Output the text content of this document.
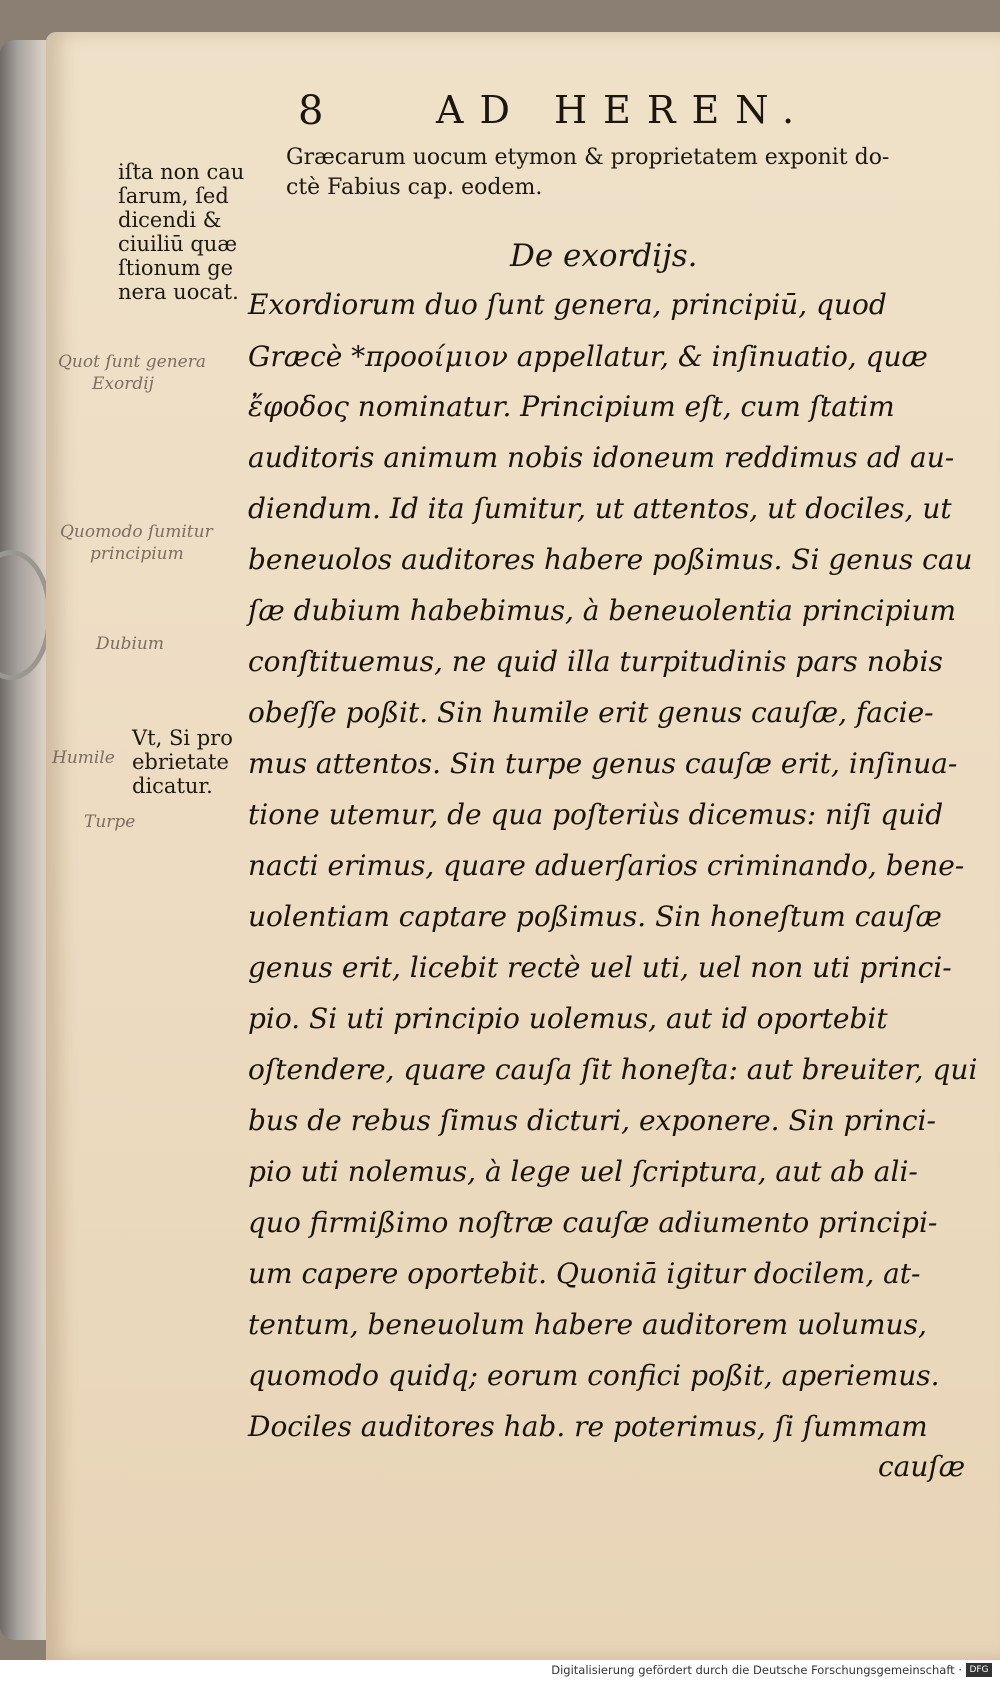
8	AD HEREN.
Græcarum uocum etymon & proprietatem exponit do-
ctè Fabius cap. eodem.
De exordijs.
Exordiorum duo ſunt genera, principiū, quod
Græcè *προοίμιον appellatur, & inſinuatio, quæ
ἔφοδος nominatur. Principium eſt, cum ſtatim
auditoris animum nobis idoneum reddimus ad au-
diendum. Id ita ſumitur, ut attentos, ut dociles, ut
beneuolos auditores habere poßimus. Si genus cau
ſæ dubium habebimus, à beneuolentia principium
conſtituemus, ne quid illa turpitudinis pars nobis
obeſſe poßit. Sin humile erit genus cauſæ, facie-
mus attentos. Sin turpe genus cauſæ erit, inſinua-
tione utemur, de qua poſteriùs dicemus: niſi quid
nacti erimus, quare aduerſarios criminando, bene-
uolentiam captare poßimus. Sin honeſtum cauſæ
genus erit, licebit rectè uel uti, uel non uti princi-
pio. Si uti principio uolemus, aut id oportebit
oſtendere, quare cauſa ſit honeſta: aut breuiter, qui
bus de rebus ſimus dicturi, exponere. Sin princi-
pio uti nolemus, à lege uel ſcriptura, aut ab ali-
quo firmißimo noſtræ cauſæ adiumento principi-
um capere oportebit. Quoniā igitur docilem, at-
tentum, beneuolum habere auditorem uolumus,
quomodo quidq; eorum confici poßit, aperiemus.
Dociles auditores hab. re poterimus, ſi ſummam
cauſæ
iſta non cau
ſarum, ſed
dicendi &
ciuiliū quæ
ſtionum ge
nera uocat.
Vt, Si pro
ebrietate
dicatur.
Quot ſunt genera
Exordij
Quomodo ſumitur
principium
Dubium
Humile
Turpe
Digitalisierung gefördert durch die Deutsche Forschungsgemeinschaft · DFG
